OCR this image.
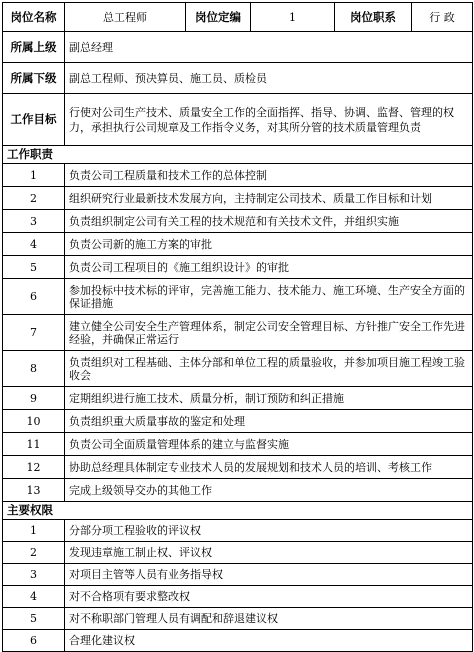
岗位名称	总工程师	岗位定编	1	岗位职系	行 政
所属上级	副总经理				
所属下级	副总工程师、预决算员、施工员、质检员				
工作目标	行使对公司生产技术、质量安全工作的全面指挥、指导、协调、监督、管理的权力，承担执行公司规章及工作指令义务，对其所分管的技术质量管理负责				
工作职责					
1	负责公司工程质量和技术工作的总体控制				
2	组织研究行业最新技术发展方向，主持制定公司技术、质量工作目标和计划				
3	负责组织制定公司有关工程的技术规范和有关技术文件，并组织实施				
4	负责公司新的施工方案的审批				
5	负责公司工程项目的《施工组织设计》的审批				
6	参加投标中技术标的评审，完善施工能力、技术能力、施工环境、生产安全方面的保证措施				
7	建立健全公司安全生产管理体系，制定公司安全管理目标、方针推广安全工作先进经验，并确保正常运行				
8	负责组织对工程基础、主体分部和单位工程的质量验收，并参加项目施工程竣工验收会				
9	定期组织进行施工技术、质量分析，制订预防和纠正措施				
10	负责组织重大质量事故的鉴定和处理				
11	负责公司全面质量管理体系的建立与监督实施				
12	协助总经理具体制定专业技术人员的发展规划和技术人员的培训、考核工作				
13	完成上级领导交办的其他工作				
主要权限					
1	分部分项工程验收的评议权				
2	发现违章施工制止权、评议权				
3	对项目主管等人员有业务指导权				
4	对不合格项有要求整改权				
5	对不称职部门管理人员有调配和辞退建议权				
6	合理化建议权				
